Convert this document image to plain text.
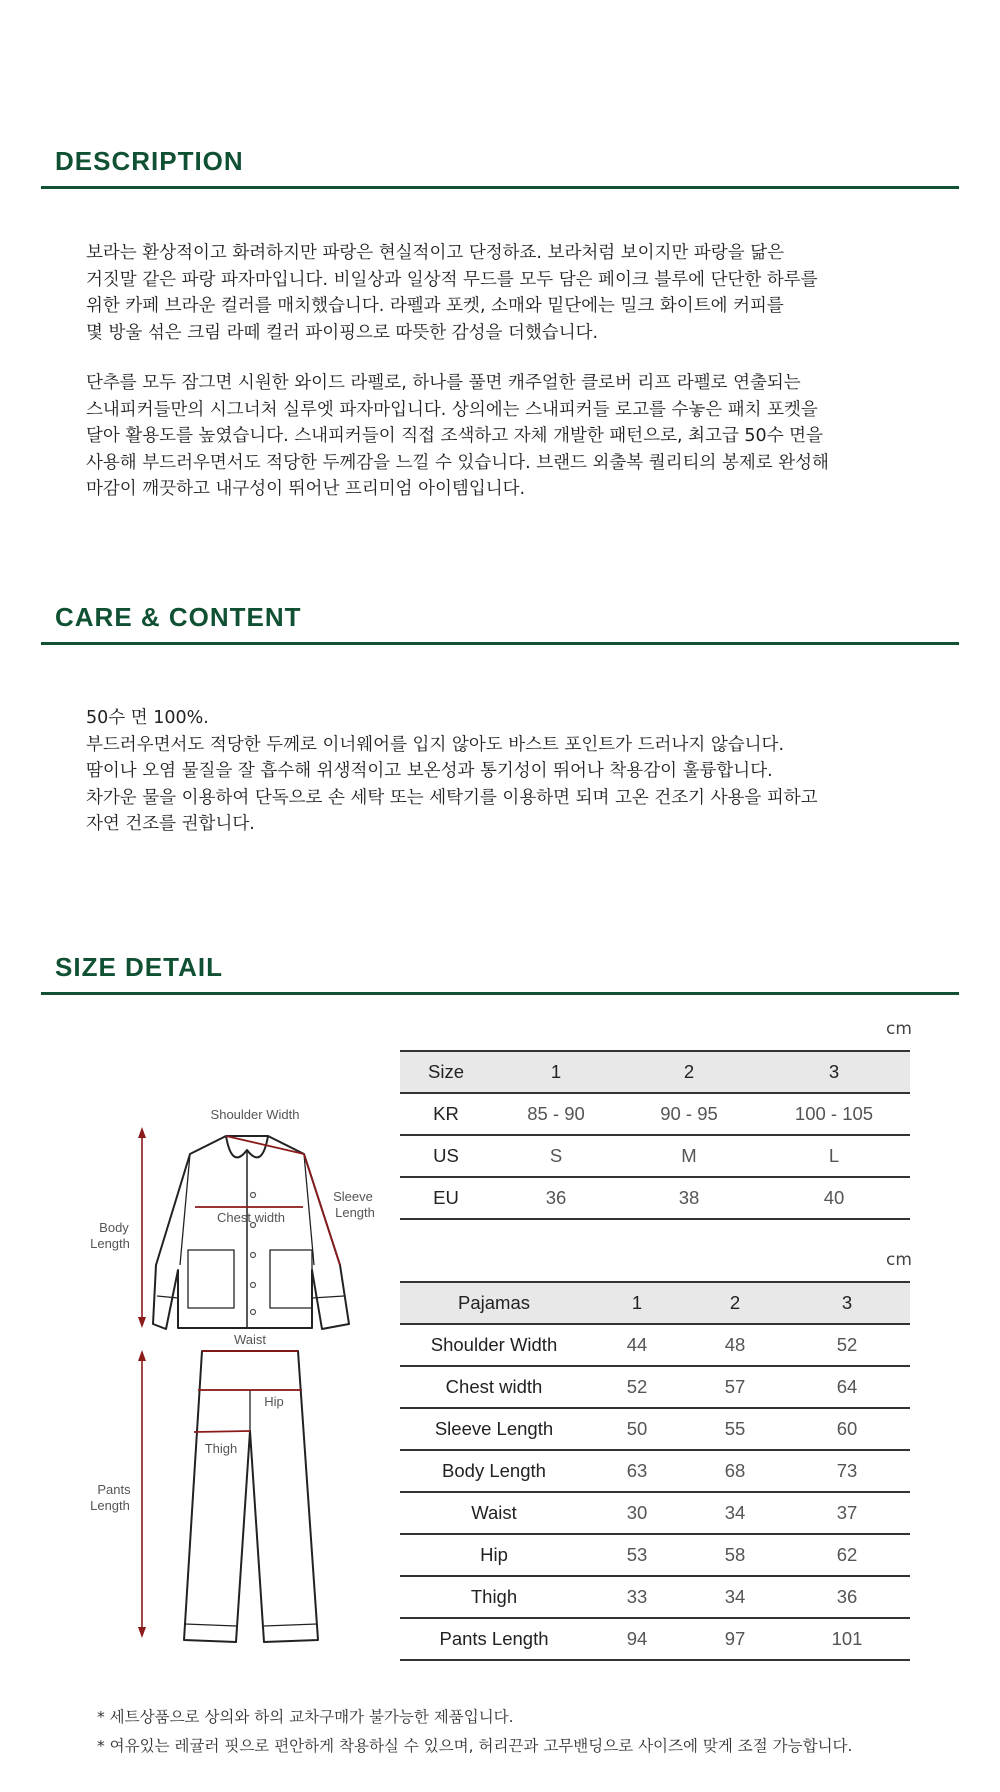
DESCRIPTION

보라는 환상적이고 화려하지만 파랑은 현실적이고 단정하죠. 보라처럼 보이지만 파랑을 닮은
거짓말 같은 파랑 파자마입니다. 비일상과 일상적 무드를 모두 담은 페이크 블루에 단단한 하루를
위한 카페 브라운 컬러를 매치했습니다. 라펠과 포켓, 소매와 밑단에는 밀크 화이트에 커피를
몇 방울 섞은 크림 라떼 컬러 파이핑으로 따뜻한 감성을 더했습니다.

단추를 모두 잠그면 시원한 와이드 라펠로, 하나를 풀면 캐주얼한 클로버 리프 라펠로 연출되는
스내피커들만의 시그너처 실루엣 파자마입니다. 상의에는 스내피커들 로고를 수놓은 패치 포켓을
달아 활용도를 높였습니다. 스내피커들이 직접 조색하고 자체 개발한 패턴으로, 최고급 50수 면을
사용해 부드러우면서도 적당한 두께감을 느낄 수 있습니다. 브랜드 외출복 퀄리티의 봉제로 완성해
마감이 깨끗하고 내구성이 뛰어난 프리미엄 아이템입니다.

CARE & CONTENT

50수 면 100%.
부드러우면서도 적당한 두께로 이너웨어를 입지 않아도 바스트 포인트가 드러나지 않습니다.
땀이나 오염 물질을 잘 흡수해 위생적이고 보온성과 통기성이 뛰어나 착용감이 훌륭합니다.
차가운 물을 이용하여 단독으로 손 세탁 또는 세탁기를 이용하면 되며 고온 건조기 사용을 피하고
자연 건조를 권합니다.

SIZE DETAIL
cm
Size	1	2	3
KR	85 - 90	90 - 95	100 - 105
US	S	M	L
EU	36	38	40
cm
Pajamas	1	2	3
Shoulder Width	44	48	52
Chest width	52	57	64
Sleeve Length	50	55	60
Body Length	63	68	73
Waist	30	34	37
Hip	53	58	62
Thigh	33	34	36
Pants Length	94	97	101
Shoulder Width
Body
Length
Chest width
Sleeve
Length
Waist
Hip
Thigh
Pants
Length
* 세트상품으로 상의와 하의 교차구매가 불가능한 제품입니다.
* 여유있는 레귤러 핏으로 편안하게 착용하실 수 있으며, 허리끈과 고무밴딩으로 사이즈에 맞게 조절 가능합니다.
